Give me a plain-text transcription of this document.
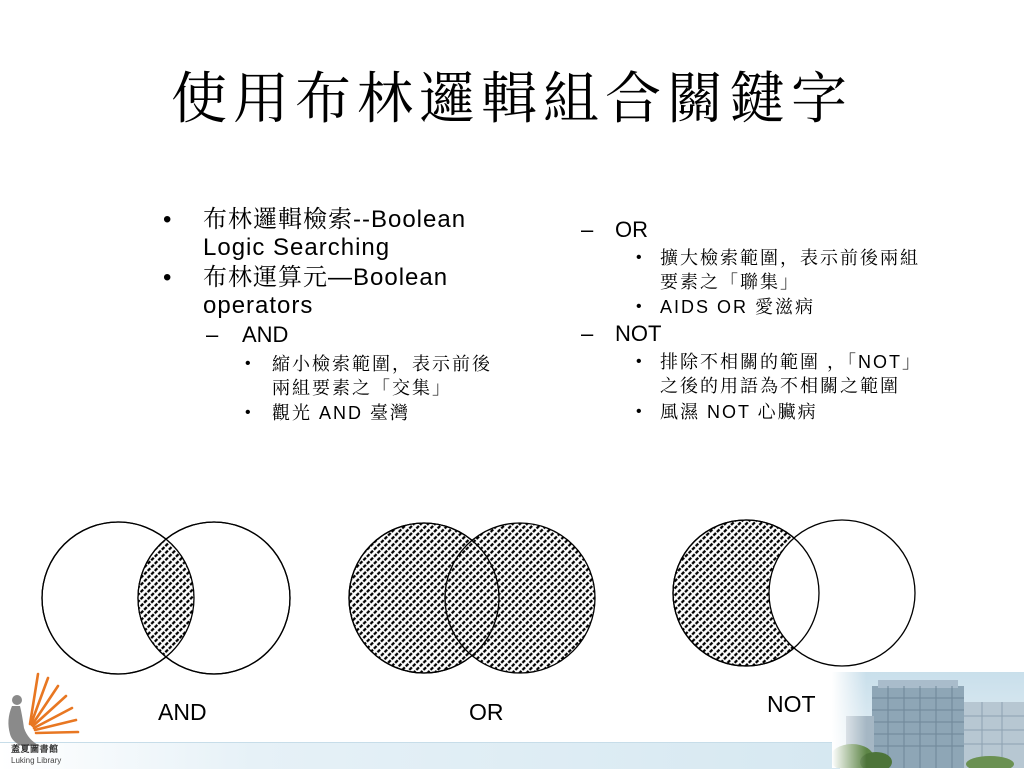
使用布林邏輯組合關鍵字
• 布林邏輯檢索--Boolean
Logic Searching
• 布林運算元—Boolean
operators
–	AND
• 縮小檢索範圍，表示前後
兩組要素之「交集」
•	觀光 AND 臺灣
– OR
• 擴大檢索範圍，表示前後兩組
要素之「聯集」
• AIDS OR 愛滋病
– NOT
• 排除不相關的範圍 ，「NOT」
之後的用語為不相關之範圍
• 風濕 NOT 心臟病
AND	OR	NOT
蓋夏圖書館
Luking Library
